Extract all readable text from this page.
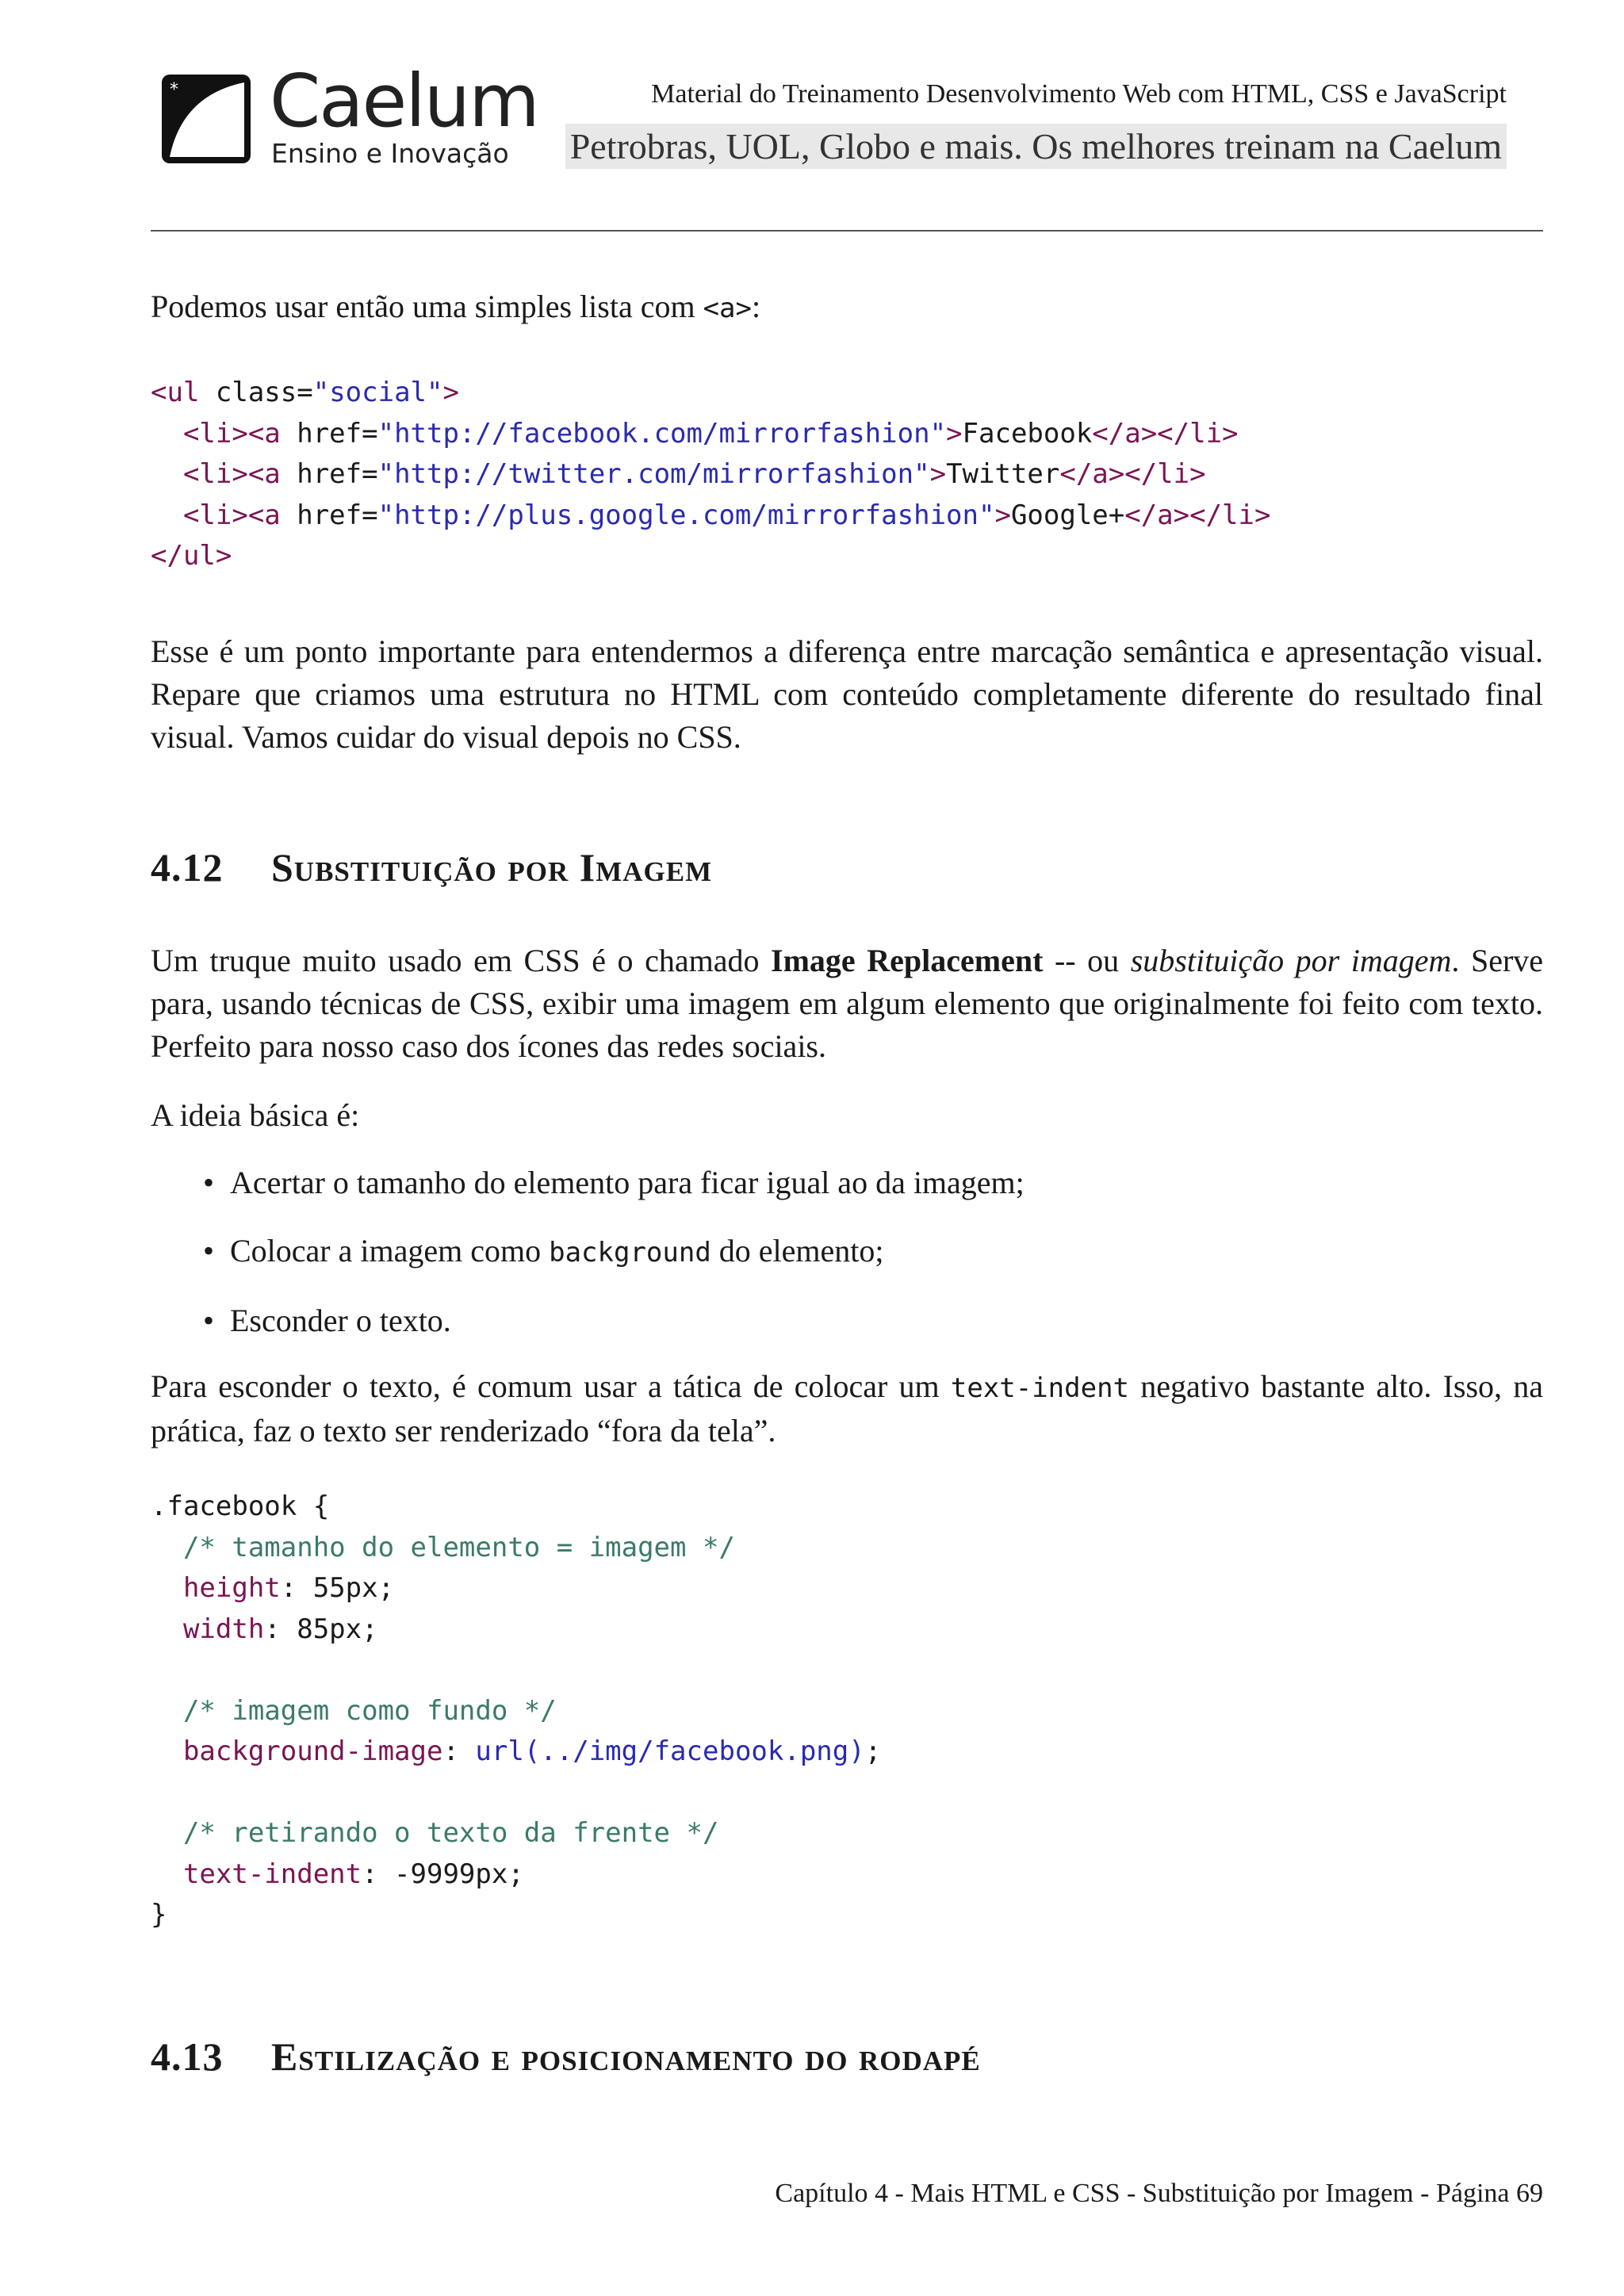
* Caelum
Ensino e Inovação
Material do Treinamento Desenvolvimento Web com HTML, CSS e JavaScript
Petrobras, UOL, Globo e mais. Os melhores treinam na Caelum

Podemos usar então uma simples lista com <a>:

<ul class="social">
<li><a href="http://facebook.com/mirrorfashion">Facebook</a></li>
<li><a href="http://twitter.com/mirrorfashion">Twitter</a></li>
<li><a href="http://plus.google.com/mirrorfashion">Google+</a></li>
</ul>

Esse é um ponto importante para entendermos a diferença entre marcação semântica e apresentação visual. Repare que criamos uma estrutura no HTML com conteúdo completamente diferente do resultado final visual. Vamos cuidar do visual depois no CSS.

4.12 Substituição por Imagem

Um truque muito usado em CSS é o chamado Image Replacement -- ou substituição por imagem. Serve para, usando técnicas de CSS, exibir uma imagem em algum elemento que originalmente foi feito com texto. Perfeito para nosso caso dos ícones das redes sociais.

A ideia básica é:

• Acertar o tamanho do elemento para ficar igual ao da imagem;
• Colocar a imagem como background do elemento;
• Esconder o texto.

Para esconder o texto, é comum usar a tática de colocar um text-indent negativo bastante alto. Isso, na prática, faz o texto ser renderizado “fora da tela”.

.facebook {
/* tamanho do elemento = imagem */
height: 55px;
width: 85px;

/* imagem como fundo */
background-image: url(../img/facebook.png);

/* retirando o texto da frente */
text-indent: -9999px;
}
4.13 Estilização e posicionamento do rodapé
Capítulo 4 - Mais HTML e CSS - Substituição por Imagem - Página 69
